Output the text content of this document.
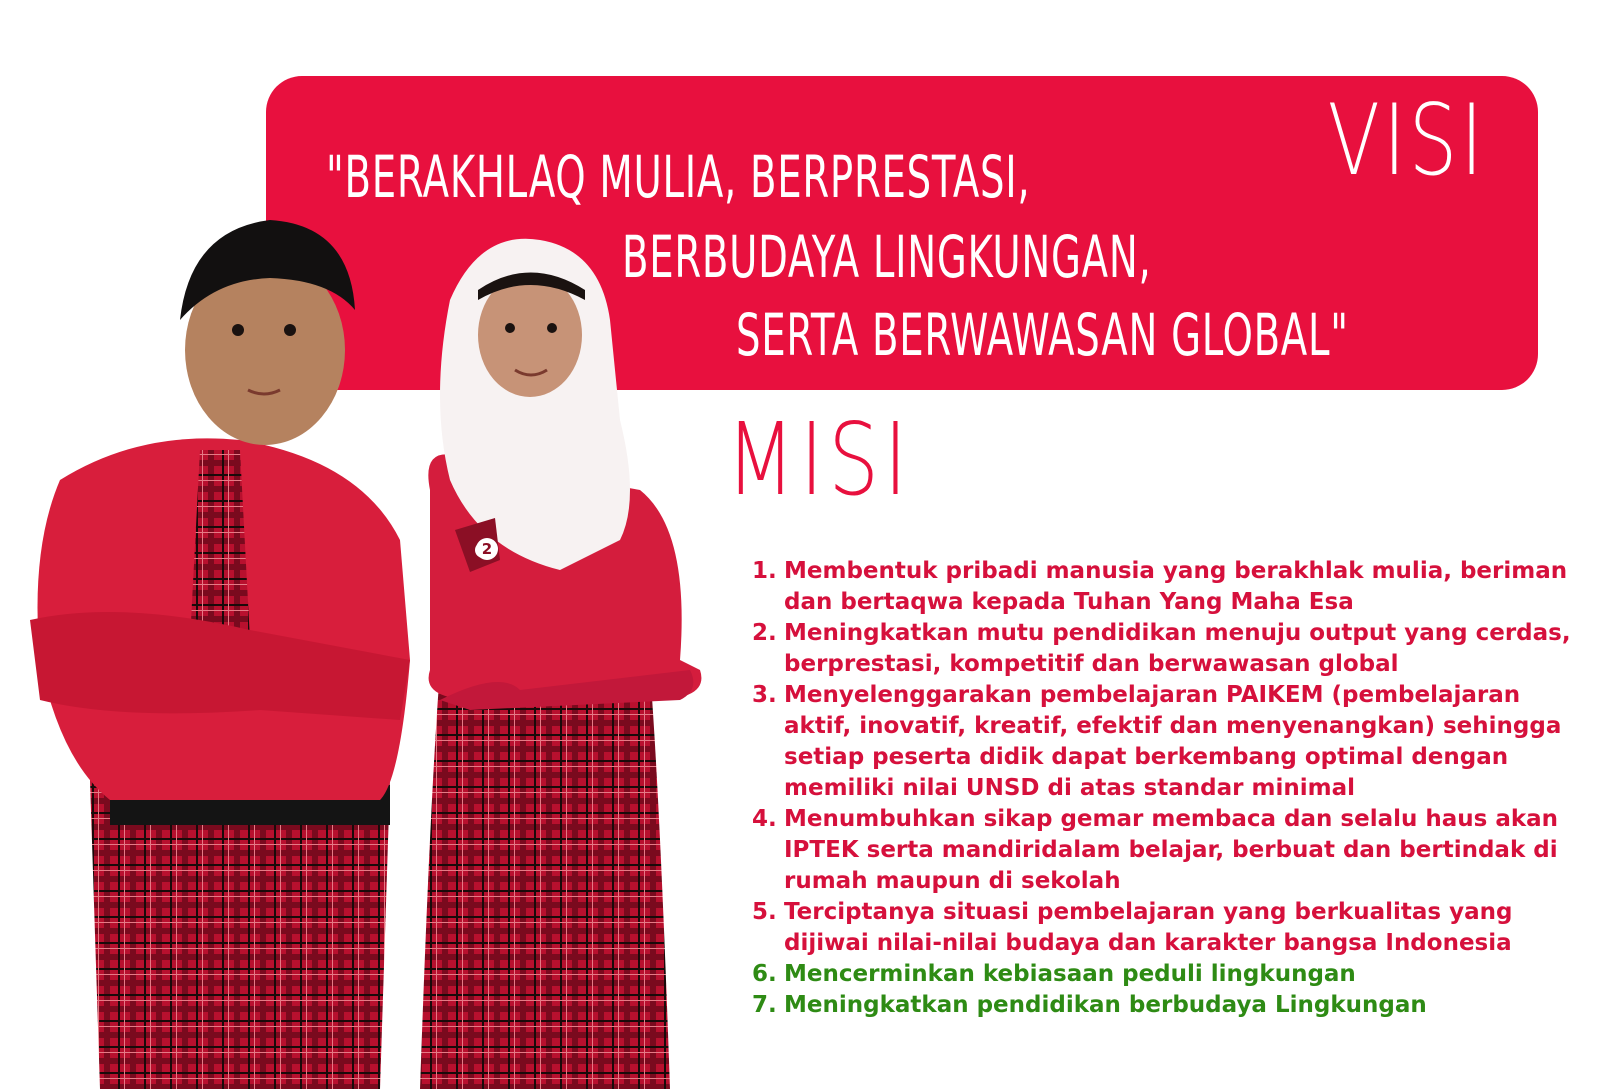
"BERAKHLAQ MULIA, BERPRESTASI,
BERBUDAYA LINGKUNGAN,
SERTA BERWAWASAN GLOBAL"
VISI
MISI
1. Membentuk pribadi manusia yang berakhlak mulia, beriman dan bertaqwa kepada Tuhan Yang Maha Esa
2. Meningkatkan mutu pendidikan menuju output yang cerdas, berprestasi, kompetitif dan berwawasan global
3. Menyelenggarakan pembelajaran PAIKEM (pembelajaran aktif, inovatif, kreatif, efektif dan menyenangkan) sehingga setiap peserta didik dapat berkembang optimal dengan memiliki nilai UNSD di atas standar minimal
4. Menumbuhkan sikap gemar membaca dan selalu haus akan IPTEK serta mandiridalam belajar, berbuat dan bertindak di rumah maupun di sekolah
5. Terciptanya situasi pembelajaran yang berkualitas yang dijiwai nilai-nilai budaya dan karakter bangsa Indonesia
6. Mencerminkan kebiasaan peduli lingkungan
7. Meningkatkan pendidikan berbudaya Lingkungan
2
